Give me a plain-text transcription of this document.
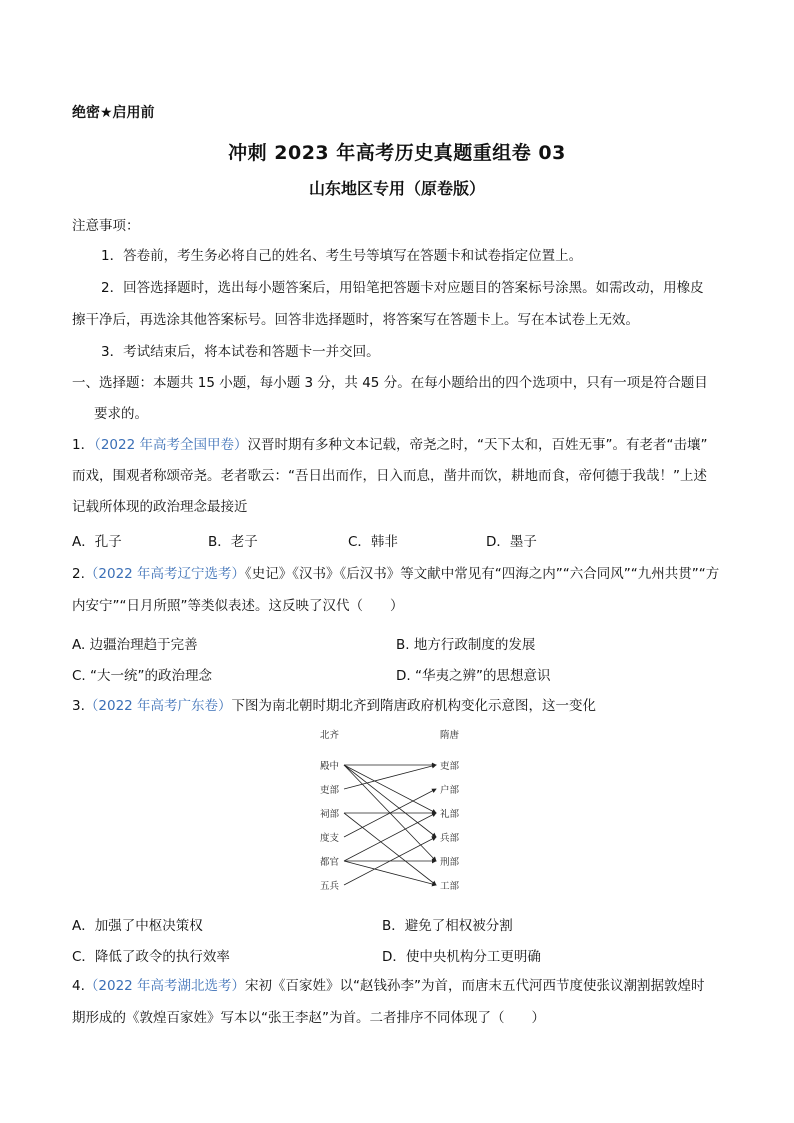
绝密★启用前
冲刺 2023 年高考历史真题重组卷 03
山东地区专用（原卷版）
注意事项：
1．答卷前，考生务必将自己的姓名、考生号等填写在答题卡和试卷指定位置上。
2．回答选择题时，选出每小题答案后，用铅笔把答题卡对应题目的答案标号涂黑。如需改动，用橡皮
擦干净后，再选涂其他答案标号。回答非选择题时，将答案写在答题卡上。写在本试卷上无效。
3．考试结束后，将本试卷和答题卡一并交回。
一、选择题：本题共 15 小题，每小题 3 分，共 45 分。在每小题给出的四个选项中，只有一项是符合题目
要求的。
1．（2022 年高考全国甲卷）汉晋时期有多种文本记载，帝尧之时，“天下太和，百姓无事”。有老者“击壤”
而戏，围观者称颂帝尧。老者歌云：“吾日出而作，日入而息，凿井而饮，耕地而食，帝何德于我哉！”上述
记载所体现的政治理念最接近
A．孔子	B．老子	C．韩非	D．墨子
2.（2022 年高考辽宁选考）《史记》《汉书》《后汉书》等文献中常见有“四海之内”“六合同风”“九州共贯”“方
内安宁”“日月所照”等类似表述。这反映了汉代（　　）
A. 边疆治理趋于完善	B. 地方行政制度的发展
C. “大一统”的政治理念	D. “华夷之辨”的思想意识
3.（2022 年高考广东卷）下图为南北朝时期北齐到隋唐政府机构变化示意图，这一变化
北齐	隋唐
殿中
吏部
祠部
度支
都官
五兵
吏部
户部
礼部
兵部
刑部
工部
A．加强了中枢决策权	B．避免了相权被分割
C．降低了政令的执行效率	D．使中央机构分工更明确
4.（2022 年高考湖北选考）宋初《百家姓》以“赵钱孙李”为首，而唐末五代河西节度使张议潮割据敦煌时
期形成的《敦煌百家姓》写本以“张王李赵”为首。二者排序不同体现了（　　）
